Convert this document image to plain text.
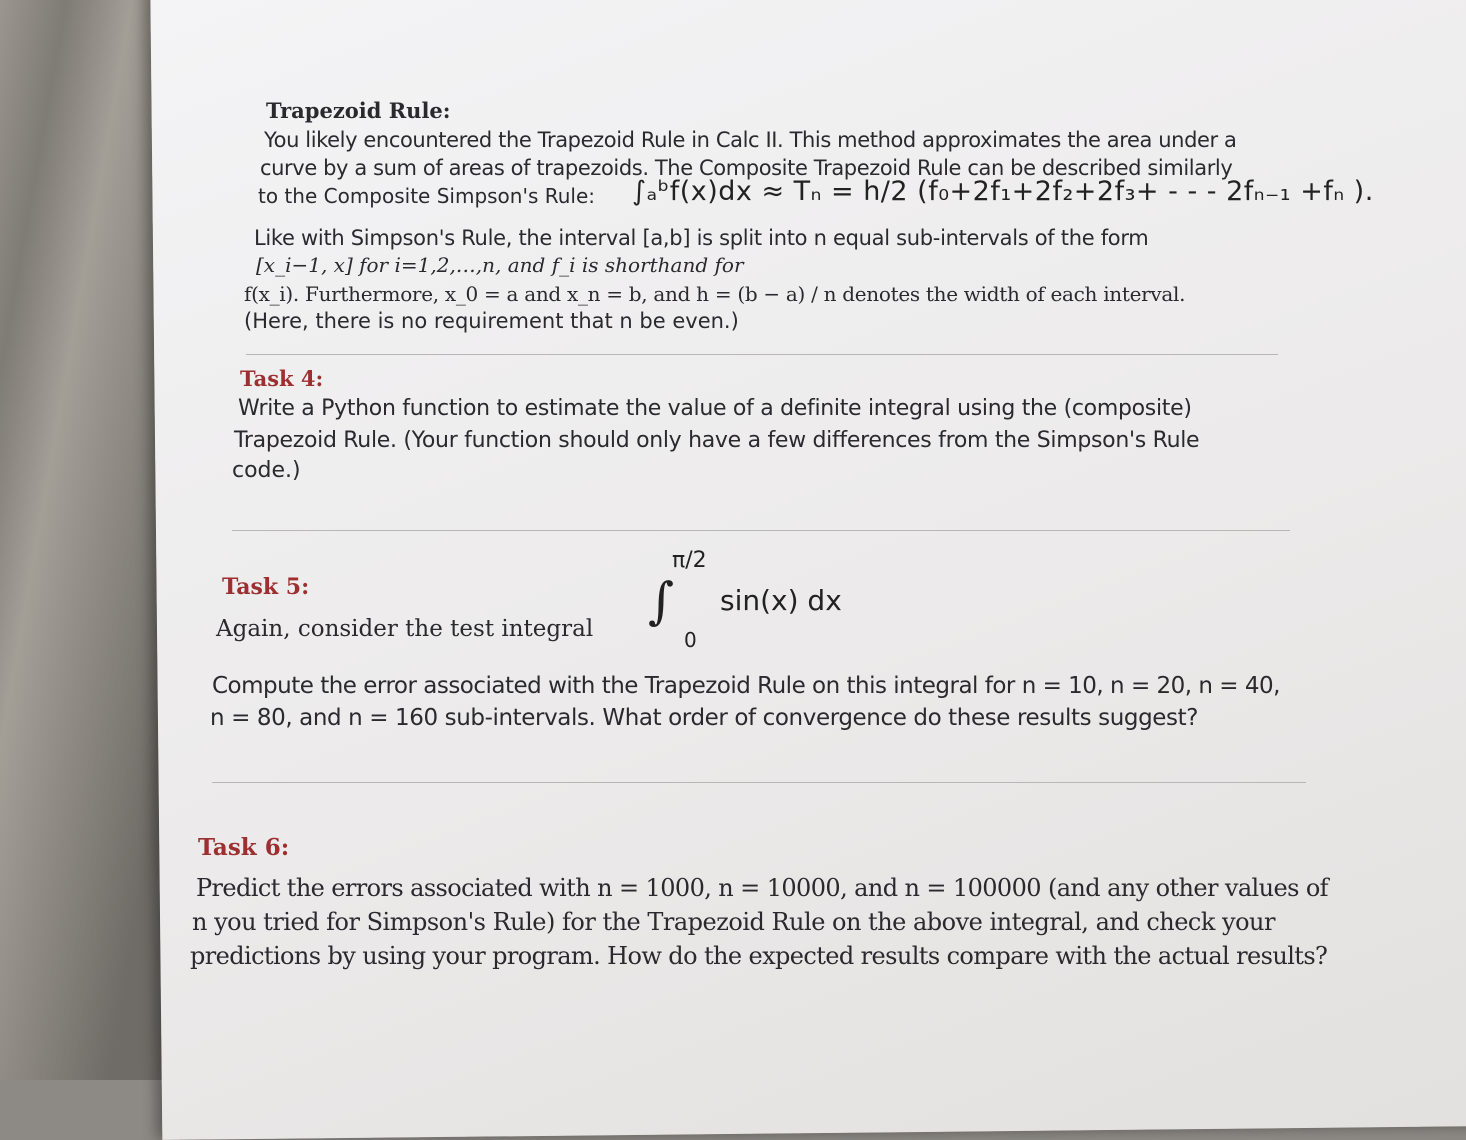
Trapezoid Rule:
You likely encountered the Trapezoid Rule in Calc II. This method approximates the area under a
curve by a sum of areas of trapezoids. The Composite Trapezoid Rule can be described similarly
to the Composite Simpson's Rule: ∫ₐᵇf(x)dx ≈ Tₙ = h/2 (f₀+2f₁+2f₂+2f₃+ - - - 2fₙ₋₁ +fₙ ).
Like with Simpson's Rule, the interval [a,b] is split into n equal sub-intervals of the form
[x_i−1, x] for i=1,2,…,n, and f_i is shorthand for
f(x_i). Furthermore, x_0 = a and x_n = b, and h = (b − a) / n denotes the width of each interval.
(Here, there is no requirement that n be even.)
Task 4:
Write a Python function to estimate the value of a definite integral using the (composite)
Trapezoid Rule. (Your function should only have a few differences from the Simpson's Rule
code.)
Task 5:
Again, consider the test integral
π/2
∫
0
sin(x) dx
Compute the error associated with the Trapezoid Rule on this integral for n = 10, n = 20, n = 40,
n = 80, and n = 160 sub-intervals. What order of convergence do these results suggest?
Task 6:
Predict the errors associated with n = 1000, n = 10000, and n = 100000 (and any other values of
n you tried for Simpson's Rule) for the Trapezoid Rule on the above integral, and check your
predictions by using your program. How do the expected results compare with the actual results?
